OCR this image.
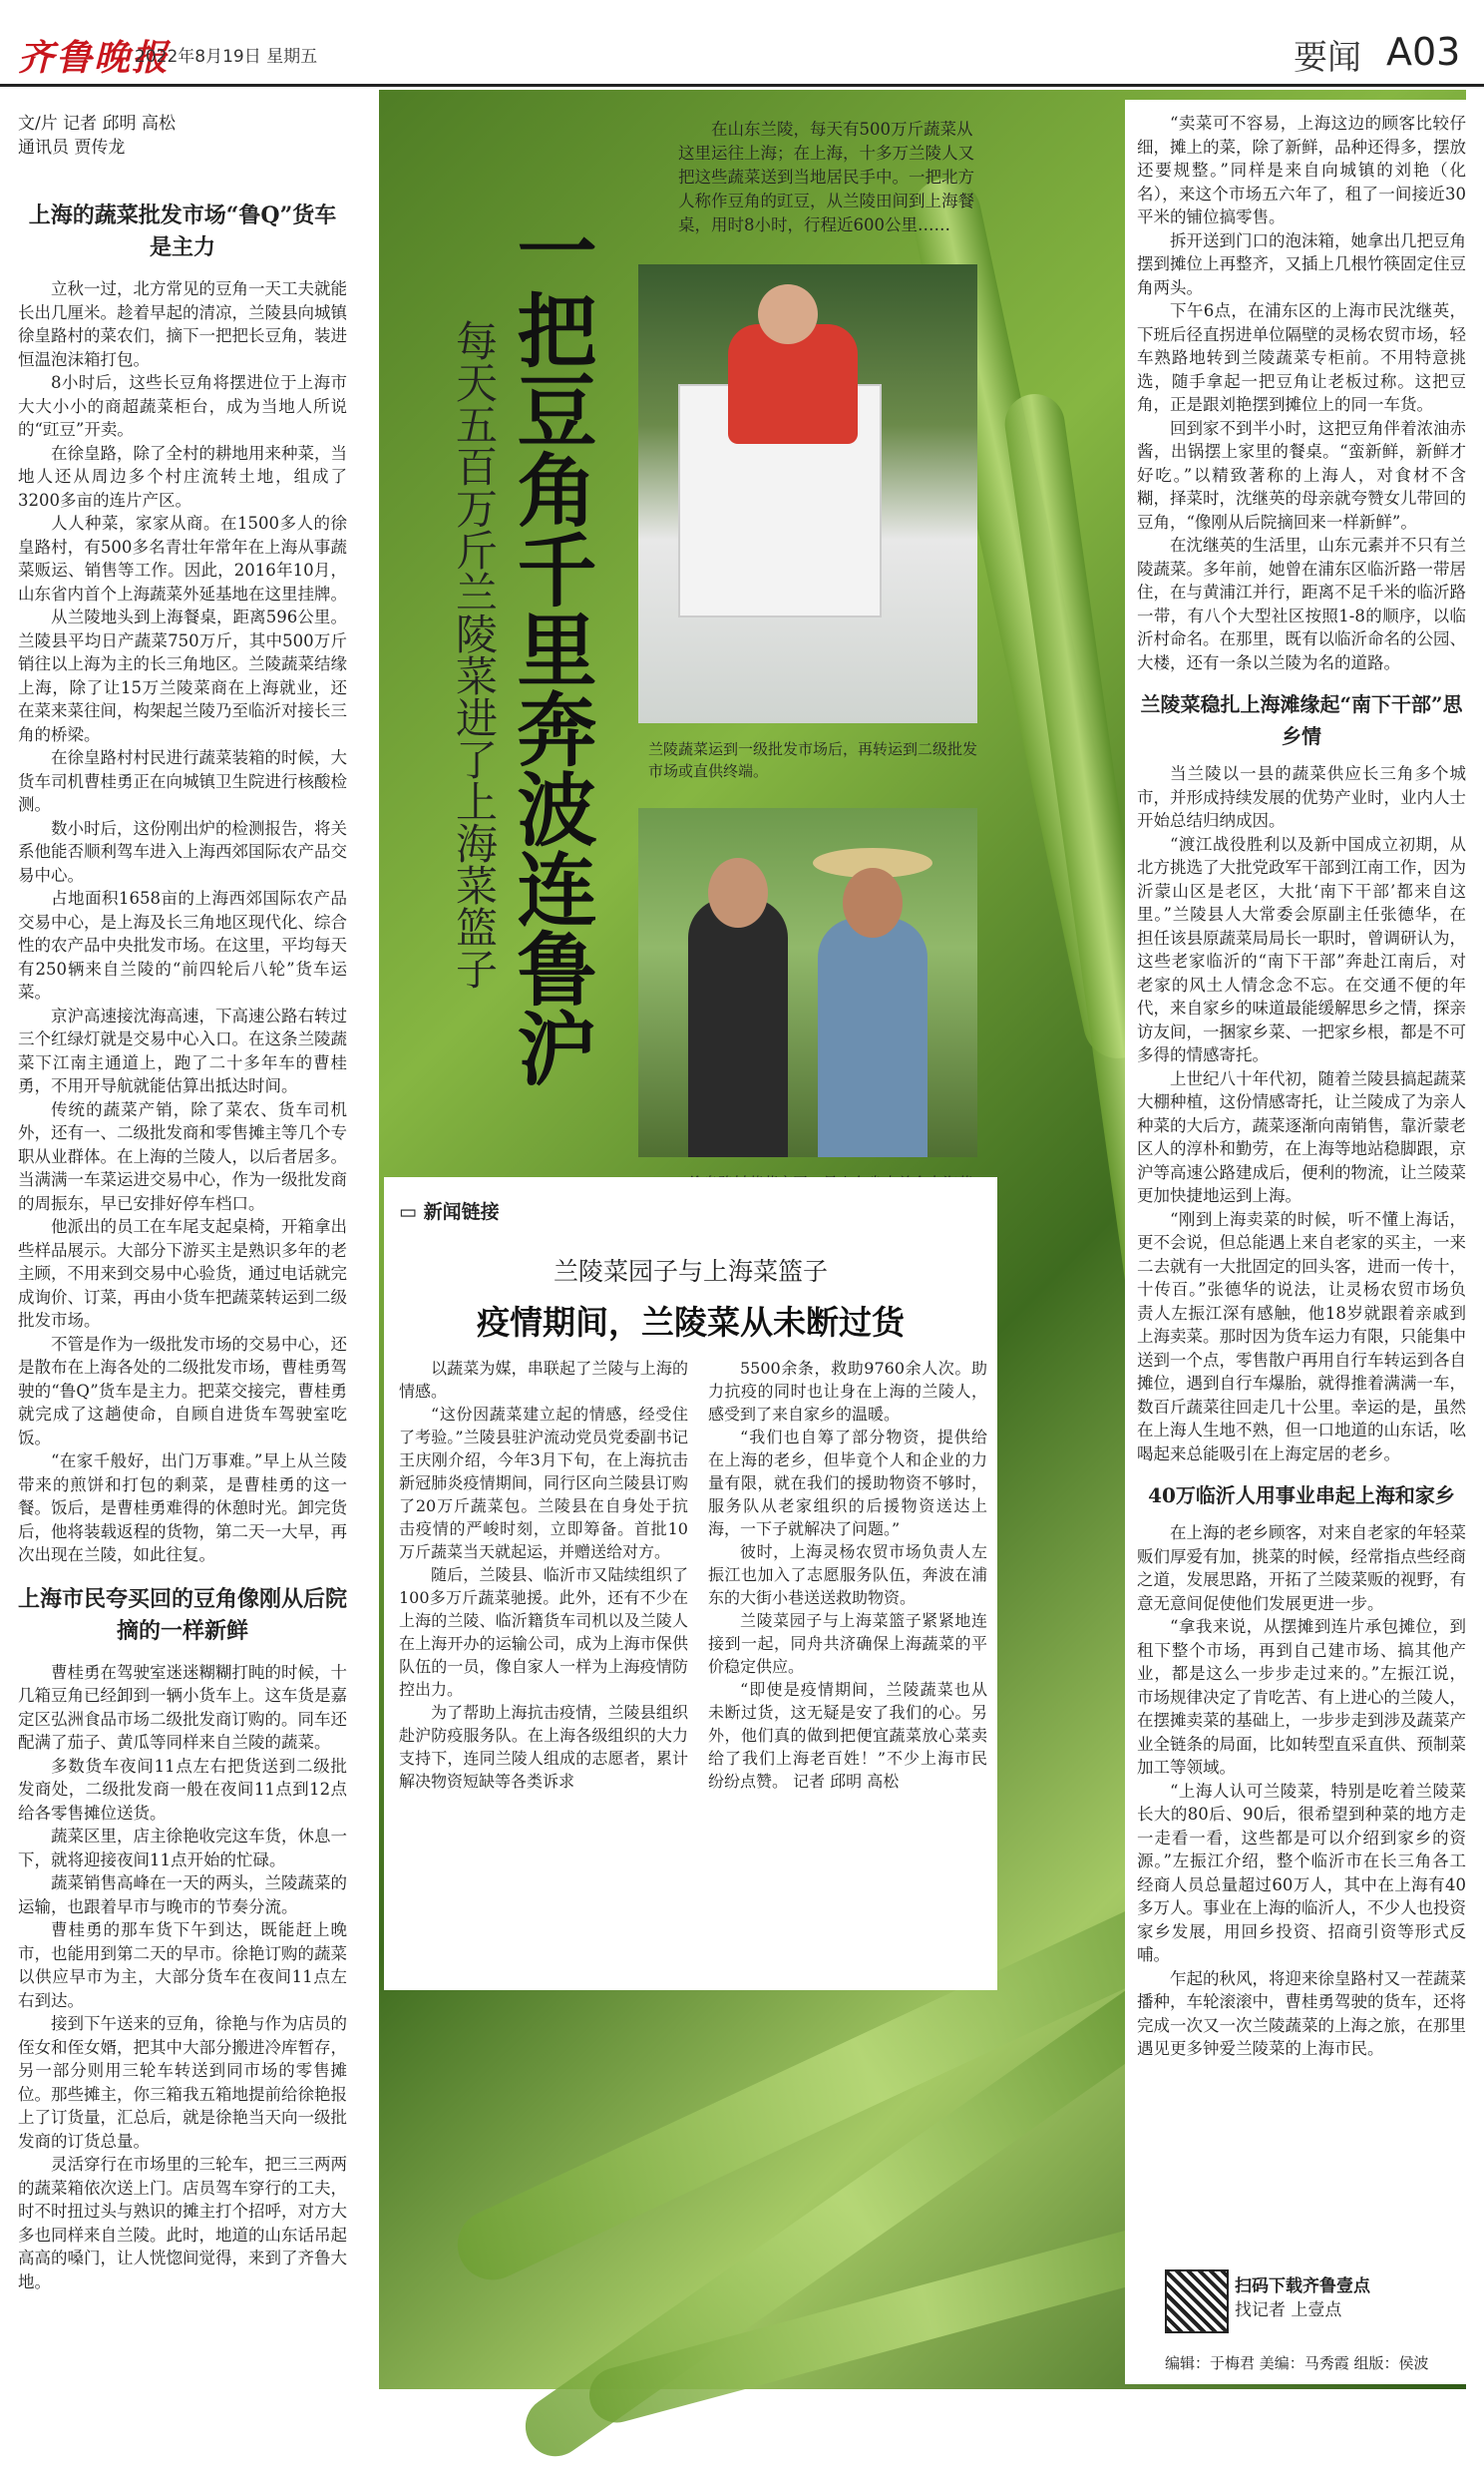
齐鲁晚报
2022年8月19日 星期五	要闻 A03
文/片 记者 邱明 高松
通讯员 贾传龙
上海的蔬菜批发市场“鲁Q”货车是主力

立秋一过，北方常见的豆角一天工夫就能长出几厘米。趁着早起的清凉，兰陵县向城镇徐皇路村的菜农们，摘下一把把长豆角，装进恒温泡沫箱打包。

8小时后，这些长豆角将摆进位于上海市大大小小的商超蔬菜柜台，成为当地人所说的“豇豆”开卖。

在徐皇路，除了全村的耕地用来种菜，当地人还从周边多个村庄流转土地，组成了3200多亩的连片产区。

人人种菜，家家从商。在1500多人的徐皇路村，有500多名青壮年常年在上海从事蔬菜贩运、销售等工作。因此，2016年10月，山东省内首个上海蔬菜外延基地在这里挂牌。

从兰陵地头到上海餐桌，距离596公里。兰陵县平均日产蔬菜750万斤，其中500万斤销往以上海为主的长三角地区。兰陵蔬菜结缘上海，除了让15万兰陵菜商在上海就业，还在菜来菜往间，构架起兰陵乃至临沂对接长三角的桥梁。

在徐皇路村村民进行蔬菜装箱的时候，大货车司机曹桂勇正在向城镇卫生院进行核酸检测。

数小时后，这份刚出炉的检测报告，将关系他能否顺利驾车进入上海西郊国际农产品交易中心。

占地面积1658亩的上海西郊国际农产品交易中心，是上海及长三角地区现代化、综合性的农产品中央批发市场。在这里，平均每天有250辆来自兰陵的“前四轮后八轮”货车运菜。

京沪高速接沈海高速，下高速公路右转过三个红绿灯就是交易中心入口。在这条兰陵蔬菜下江南主通道上，跑了二十多年车的曹桂勇，不用开导航就能估算出抵达时间。

传统的蔬菜产销，除了菜农、货车司机外，还有一、二级批发商和零售摊主等几个专职从业群体。在上海的兰陵人，以后者居多。当满满一车菜运进交易中心，作为一级批发商的周振东，早已安排好停车档口。

他派出的员工在车尾支起桌椅，开箱拿出些样品展示。大部分下游买主是熟识多年的老主顾，不用来到交易中心验货，通过电话就完成询价、订菜，再由小货车把蔬菜转运到二级批发市场。

不管是作为一级批发市场的交易中心，还是散布在上海各处的二级批发市场，曹桂勇驾驶的“鲁Q”货车是主力。把菜交接完，曹桂勇就完成了这趟使命，自顾自进货车驾驶室吃饭。

“在家千般好，出门万事难。”早上从兰陵带来的煎饼和打包的剩菜，是曹桂勇的这一餐。饭后，是曹桂勇难得的休憩时光。卸完货后，他将装载返程的货物，第二天一大早，再次出现在兰陵，如此往复。

上海市民夸买回的豆角像刚从后院摘的一样新鲜

曹桂勇在驾驶室迷迷糊糊打盹的时候，十几箱豆角已经卸到一辆小货车上。这车货是嘉定区弘洲食品市场二级批发商订购的。同车还配满了茄子、黄瓜等同样来自兰陵的蔬菜。

多数货车夜间11点左右把货送到二级批发商处，二级批发商一般在夜间11点到12点给各零售摊位送货。

蔬菜区里，店主徐艳收完这车货，休息一下，就将迎接夜间11点开始的忙碌。

蔬菜销售高峰在一天的两头，兰陵蔬菜的运输，也跟着早市与晚市的节奏分流。

曹桂勇的那车货下午到达，既能赶上晚市，也能用到第二天的早市。徐艳订购的蔬菜以供应早市为主，大部分货车在夜间11点左右到达。

接到下午送来的豆角，徐艳与作为店员的侄女和侄女婿，把其中大部分搬进冷库暂存，另一部分则用三轮车转送到同市场的零售摊位。那些摊主，你三箱我五箱地提前给徐艳报上了订货量，汇总后，就是徐艳当天向一级批发商的订货总量。

灵活穿行在市场里的三轮车，把三三两两的蔬菜箱依次送上门。店员驾车穿行的工夫，时不时扭过头与熟识的摊主打个招呼，对方大多也同样来自兰陵。此时，地道的山东话吊起高高的嗓门，让人恍惚间觉得，来到了齐鲁大地。

一把豆角千里奔波连鲁沪
每天五百万斤兰陵菜进了上海菜篮子

在山东兰陵，每天有500万斤蔬菜从这里运往上海；在上海，十多万兰陵人又把这些蔬菜送到当地居民手中。一把北方人称作豆角的豇豆，从兰陵田间到上海餐桌，用时8小时，行程近600公里……

兰陵蔬菜运到一级批发市场后，再转运到二级批发市场或直供终端。
▭ 新闻链接
兰陵菜园子与上海菜篮子
疫情期间，兰陵菜从未断过货

以蔬菜为媒，串联起了兰陵与上海的情感。

“这份因蔬菜建立起的情感，经受住了考验。”兰陵县驻沪流动党员党委副书记王庆刚介绍，今年3月下旬，在上海抗击新冠肺炎疫情期间，同行区向兰陵县订购了20万斤蔬菜包。兰陵县在自身处于抗击疫情的严峻时刻，立即筹备。首批10万斤蔬菜当天就起运，并赠送给对方。

随后，兰陵县、临沂市又陆续组织了100多万斤蔬菜驰援。此外，还有不少在上海的兰陵、临沂籍货车司机以及兰陵人在上海开办的运输公司，成为上海市保供队伍的一员，像自家人一样为上海疫情防控出力。

为了帮助上海抗击疫情，兰陵县组织赴沪防疫服务队。在上海各级组织的大力支持下，连同兰陵人组成的志愿者，累计解决物资短缺等各类诉求

5500余条，救助9760余人次。助力抗疫的同时也让身在上海的兰陵人，感受到了来自家乡的温暖。

“我们也自筹了部分物资，提供给在上海的老乡，但毕竟个人和企业的力量有限，就在我们的援助物资不够时，服务队从老家组织的后援物资送达上海，一下子就解决了问题。”

彼时，上海灵杨农贸市场负责人左振江也加入了志愿服务队伍，奔波在浦东的大街小巷送送救助物资。

兰陵菜园子与上海菜篮子紧紧地连接到一起，同舟共济确保上海蔬菜的平价稳定供应。

“即使是疫情期间，兰陵蔬菜也从未断过货，这无疑是安了我们的心。另外，他们真的做到把便宜蔬菜放心菜卖给了我们上海老百姓！”不少上海市民纷纷点赞。 记者 邱明 高松

“卖菜可不容易，上海这边的顾客比较仔细，摊上的菜，除了新鲜，品种还得多，摆放还要规整。”同样是来自向城镇的刘艳（化名），来这个市场五六年了，租了一间接近30平米的铺位搞零售。

拆开送到门口的泡沫箱，她拿出几把豆角摆到摊位上再整齐，又插上几根竹筷固定住豆角两头。

下午6点，在浦东区的上海市民沈继英，下班后径直拐进单位隔壁的灵杨农贸市场，轻车熟路地转到兰陵蔬菜专柜前。不用特意挑选，随手拿起一把豆角让老板过称。这把豆角，正是跟刘艳摆到摊位上的同一车货。

回到家不到半小时，这把豆角伴着浓油赤酱，出锅摆上家里的餐桌。“蛮新鲜，新鲜才好吃。”以精致著称的上海人，对食材不含糊，择菜时，沈继英的母亲就夸赞女儿带回的豆角，“像刚从后院摘回来一样新鲜”。

在沈继英的生活里，山东元素并不只有兰陵蔬菜。多年前，她曾在浦东区临沂路一带居住，在与黄浦江并行，距离不足千米的临沂路一带，有八个大型社区按照1-8的顺序，以临沂村命名。在那里，既有以临沂命名的公园、大楼，还有一条以兰陵为名的道路。

兰陵菜稳扎上海滩缘起“南下干部”思乡情

当兰陵以一县的蔬菜供应长三角多个城市，并形成持续发展的优势产业时，业内人士开始总结归纳成因。

“渡江战役胜利以及新中国成立初期，从北方挑选了大批党政军干部到江南工作，因为沂蒙山区是老区，大批‘南下干部’都来自这里。”兰陵县人大常委会原副主任张德华，在担任该县原蔬菜局局长一职时，曾调研认为，这些老家临沂的“南下干部”奔赴江南后，对老家的风土人情念念不忘。在交通不便的年代，来自家乡的味道最能缓解思乡之情，探亲访友间，一捆家乡菜、一把家乡根，都是不可多得的情感寄托。

上世纪八十年代初，随着兰陵县搞起蔬菜大棚种植，这份情感寄托，让兰陵成了为亲人种菜的大后方，蔬菜逐渐向南销售，靠沂蒙老区人的淳朴和勤劳，在上海等地站稳脚跟，京沪等高速公路建成后，便利的物流，让兰陵菜更加快捷地运到上海。

“刚到上海卖菜的时候，听不懂上海话，更不会说，但总能遇上来自老家的买主，一来二去就有一大批固定的回头客，进而一传十，十传百。”张德华的说法，让灵杨农贸市场负责人左振江深有感触，他18岁就跟着亲戚到上海卖菜。那时因为货车运力有限，只能集中送到一个点，零售散户再用自行车转运到各自摊位，遇到自行车爆胎，就得推着满满一车，数百斤蔬菜往回走几十公里。幸运的是，虽然在上海人生地不熟，但一口地道的山东话，吆喝起来总能吸引在上海定居的老乡。

40万临沂人用事业串起上海和家乡

在上海的老乡顾客，对来自老家的年轻菜贩们厚爱有加，挑菜的时候，经常指点些经商之道，发展思路，开拓了兰陵菜贩的视野，有意无意间促使他们发展更进一步。

“拿我来说，从摆摊到连片承包摊位，到租下整个市场，再到自己建市场、搞其他产业，都是这么一步步走过来的。”左振江说，市场规律决定了肯吃苦、有上进心的兰陵人，在摆摊卖菜的基础上，一步步走到涉及蔬菜产业全链条的局面，比如转型直采直供、预制菜加工等领域。

“上海人认可兰陵菜，特别是吃着兰陵菜长大的80后、90后，很希望到种菜的地方走一走看一看，这些都是可以介绍到家乡的资源。”左振江介绍，整个临沂市在长三角各工经商人员总量超过60万人，其中在上海有40多万人。事业在上海的临沂人，不少人也投资家乡发展，用回乡投资、招商引资等形式反哺。

乍起的秋风，将迎来徐皇路村又一茬蔬菜播种，车轮滚滚中，曹桂勇驾驶的货车，还将完成一次又一次兰陵蔬菜的上海之旅，在那里遇见更多钟爱兰陵菜的上海市民。

扫码下载齐鲁壹点
找记者 上壹点
编辑：于梅君 美编：马秀霞 组版：侯波
